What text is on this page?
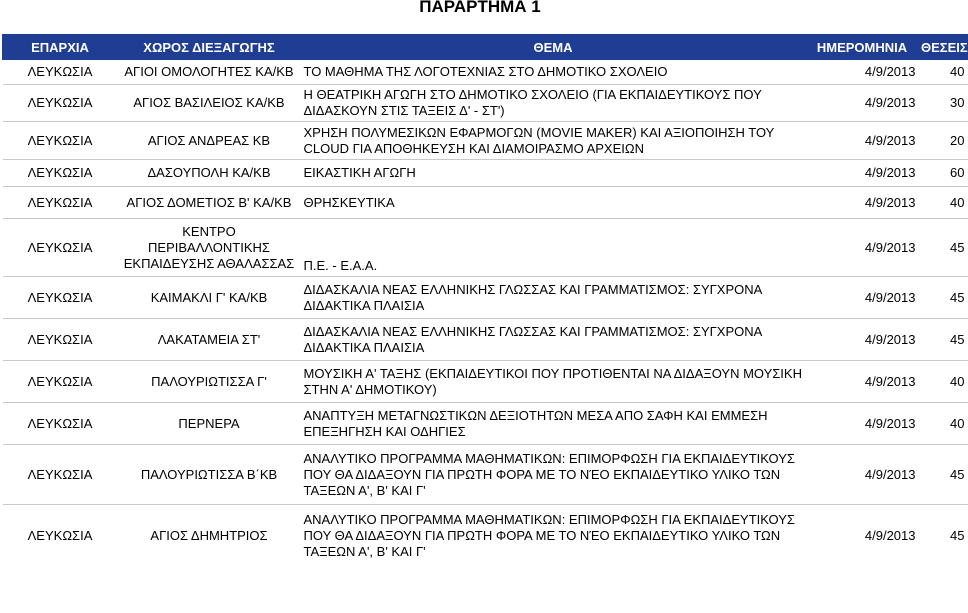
ΠΑΡΑΡΤΗΜΑ 1
ΕΠΑΡΧΙΑ	ΧΩΡΟΣ ΔΙΕΞΑΓΩΓΗΣ	ΘΕΜΑ	ΗΜΕΡΟΜΗΝΙΑ	ΘΕΣΕΙΣ
ΛΕΥΚΩΣΙΑ	ΑΓΙΟΙ ΟΜΟΛΟΓΗΤΕΣ ΚΑ/ΚΒ	ΤΟ ΜΑΘΗΜΑ ΤΗΣ ΛΟΓΟΤΕΧΝΙΑΣ ΣΤΟ ΔΗΜΟΤΙΚΟ ΣΧΟΛΕΙΟ	4/9/2013	40
ΛΕΥΚΩΣΙΑ	ΑΓΙΟΣ ΒΑΣΙΛΕΙΟΣ ΚΑ/ΚΒ	Η ΘΕΑΤΡΙΚΗ ΑΓΩΓΗ ΣΤΟ ΔΗΜΟΤΙΚΟ ΣΧΟΛΕΙΟ (ΓΙΑ ΕΚΠΑΙΔΕΥΤΙΚΟΥΣ ΠΟΥ ΔΙΔΑΣΚΟΥΝ ΣΤΙΣ ΤΑΞΕΙΣ Δ' - ΣΤ')	4/9/2013	30
ΛΕΥΚΩΣΙΑ	ΑΓΙΟΣ ΑΝΔΡΕΑΣ ΚΒ	ΧΡΗΣΗ ΠΟΛΥΜΕΣΙΚΩΝ ΕΦΑΡΜΟΓΩΝ (MOVIE MAKER) ΚΑΙ ΑΞΙΟΠΟΙΗΣΗ ΤΟΥ CLOUD ΓΙΑ ΑΠΟΘΗΚΕΥΣΗ ΚΑΙ ΔΙΑΜΟΙΡΑΣΜΟ ΑΡΧΕΙΩΝ	4/9/2013	20
ΛΕΥΚΩΣΙΑ	ΔΑΣΟΥΠΟΛΗ ΚΑ/ΚΒ	ΕΙΚΑΣΤΙΚΗ ΑΓΩΓΗ	4/9/2013	60
ΛΕΥΚΩΣΙΑ	ΑΓΙΟΣ ΔΟΜΕΤΙΟΣ Β' ΚΑ/ΚΒ	ΘΡΗΣΚΕΥΤΙΚΑ	4/9/2013	40
ΛΕΥΚΩΣΙΑ	ΚΕΝΤΡΟ ΠΕΡΙΒΑΛΛΟΝΤΙΚΗΣ ΕΚΠΑΙΔΕΥΣΗΣ ΑΘΑΛΑΣΣΑΣ	Π.Ε. - Ε.Α.Α.	4/9/2013	45
ΛΕΥΚΩΣΙΑ	ΚΑΙΜΑΚΛΙ Γ' ΚΑ/ΚΒ	ΔΙΔΑΣΚΑΛΙΑ ΝΕΑΣ ΕΛΛΗΝΙΚΗΣ ΓΛΩΣΣΑΣ ΚΑΙ ΓΡΑΜΜΑΤΙΣΜΟΣ: ΣΥΓΧΡΟΝΑ ΔΙΔΑΚΤΙΚΑ ΠΛΑΙΣΙΑ	4/9/2013	45
ΛΕΥΚΩΣΙΑ	ΛΑΚΑΤΑΜΕΙΑ ΣΤ'	ΔΙΔΑΣΚΑΛΙΑ ΝΕΑΣ ΕΛΛΗΝΙΚΗΣ ΓΛΩΣΣΑΣ ΚΑΙ ΓΡΑΜΜΑΤΙΣΜΟΣ: ΣΥΓΧΡΟΝΑ ΔΙΔΑΚΤΙΚΑ ΠΛΑΙΣΙΑ	4/9/2013	45
ΛΕΥΚΩΣΙΑ	ΠΑΛΟΥΡΙΩΤΙΣΣΑ Γ'	ΜΟΥΣΙΚΗ Α' ΤΑΞΗΣ (ΕΚΠΑΙΔΕΥΤΙΚΟΙ ΠΟΥ ΠΡΟΤΙΘΕΝΤΑΙ ΝΑ ΔΙΔΑΞΟΥΝ ΜΟΥΣΙΚΗ ΣΤΗΝ Α' ΔΗΜΟΤΙΚΟΥ)	4/9/2013	40
ΛΕΥΚΩΣΙΑ	ΠΕΡΝΕΡΑ	ΑΝΑΠΤΥΞΗ ΜΕΤΑΓΝΩΣΤΙΚΩΝ ΔΕΞΙΟΤΗΤΩΝ ΜΕΣΑ ΑΠΟ ΣΑΦΗ ΚΑΙ ΕΜΜΕΣΗ ΕΠΕΞΗΓΗΣΗ ΚΑΙ ΟΔΗΓΙΕΣ	4/9/2013	40
ΛΕΥΚΩΣΙΑ	ΠΑΛΟΥΡΙΩΤΙΣΣΑ Β΄ΚΒ	ΑΝΑΛΥΤΙΚΟ ΠΡΟΓΡΑΜΜΑ ΜΑΘΗΜΑΤΙΚΩΝ: ΕΠΙΜΟΡΦΩΣΗ ΓΙΑ ΕΚΠΑΙΔΕΥΤΙΚΟΥΣ ΠΟΥ ΘΑ ΔΙΔΑΞΟΥΝ ΓΙΑ ΠΡΩΤΗ ΦΟΡΑ ΜΕ ΤΟ ΝΈΟ ΕΚΠΑΙΔΕΥΤΙΚΟ ΥΛΙΚΟ ΤΩΝ ΤΑΞΕΩΝ Α', Β' ΚΑΙ Γ'	4/9/2013	45
ΛΕΥΚΩΣΙΑ	ΑΓΙΟΣ ΔΗΜΗΤΡΙΟΣ	ΑΝΑΛΥΤΙΚΟ ΠΡΟΓΡΑΜΜΑ ΜΑΘΗΜΑΤΙΚΩΝ: ΕΠΙΜΟΡΦΩΣΗ ΓΙΑ ΕΚΠΑΙΔΕΥΤΙΚΟΥΣ ΠΟΥ ΘΑ ΔΙΔΑΞΟΥΝ ΓΙΑ ΠΡΩΤΗ ΦΟΡΑ ΜΕ ΤΟ ΝΈΟ ΕΚΠΑΙΔΕΥΤΙΚΟ ΥΛΙΚΟ ΤΩΝ ΤΑΞΕΩΝ Α', Β' ΚΑΙ Γ'	4/9/2013	45
